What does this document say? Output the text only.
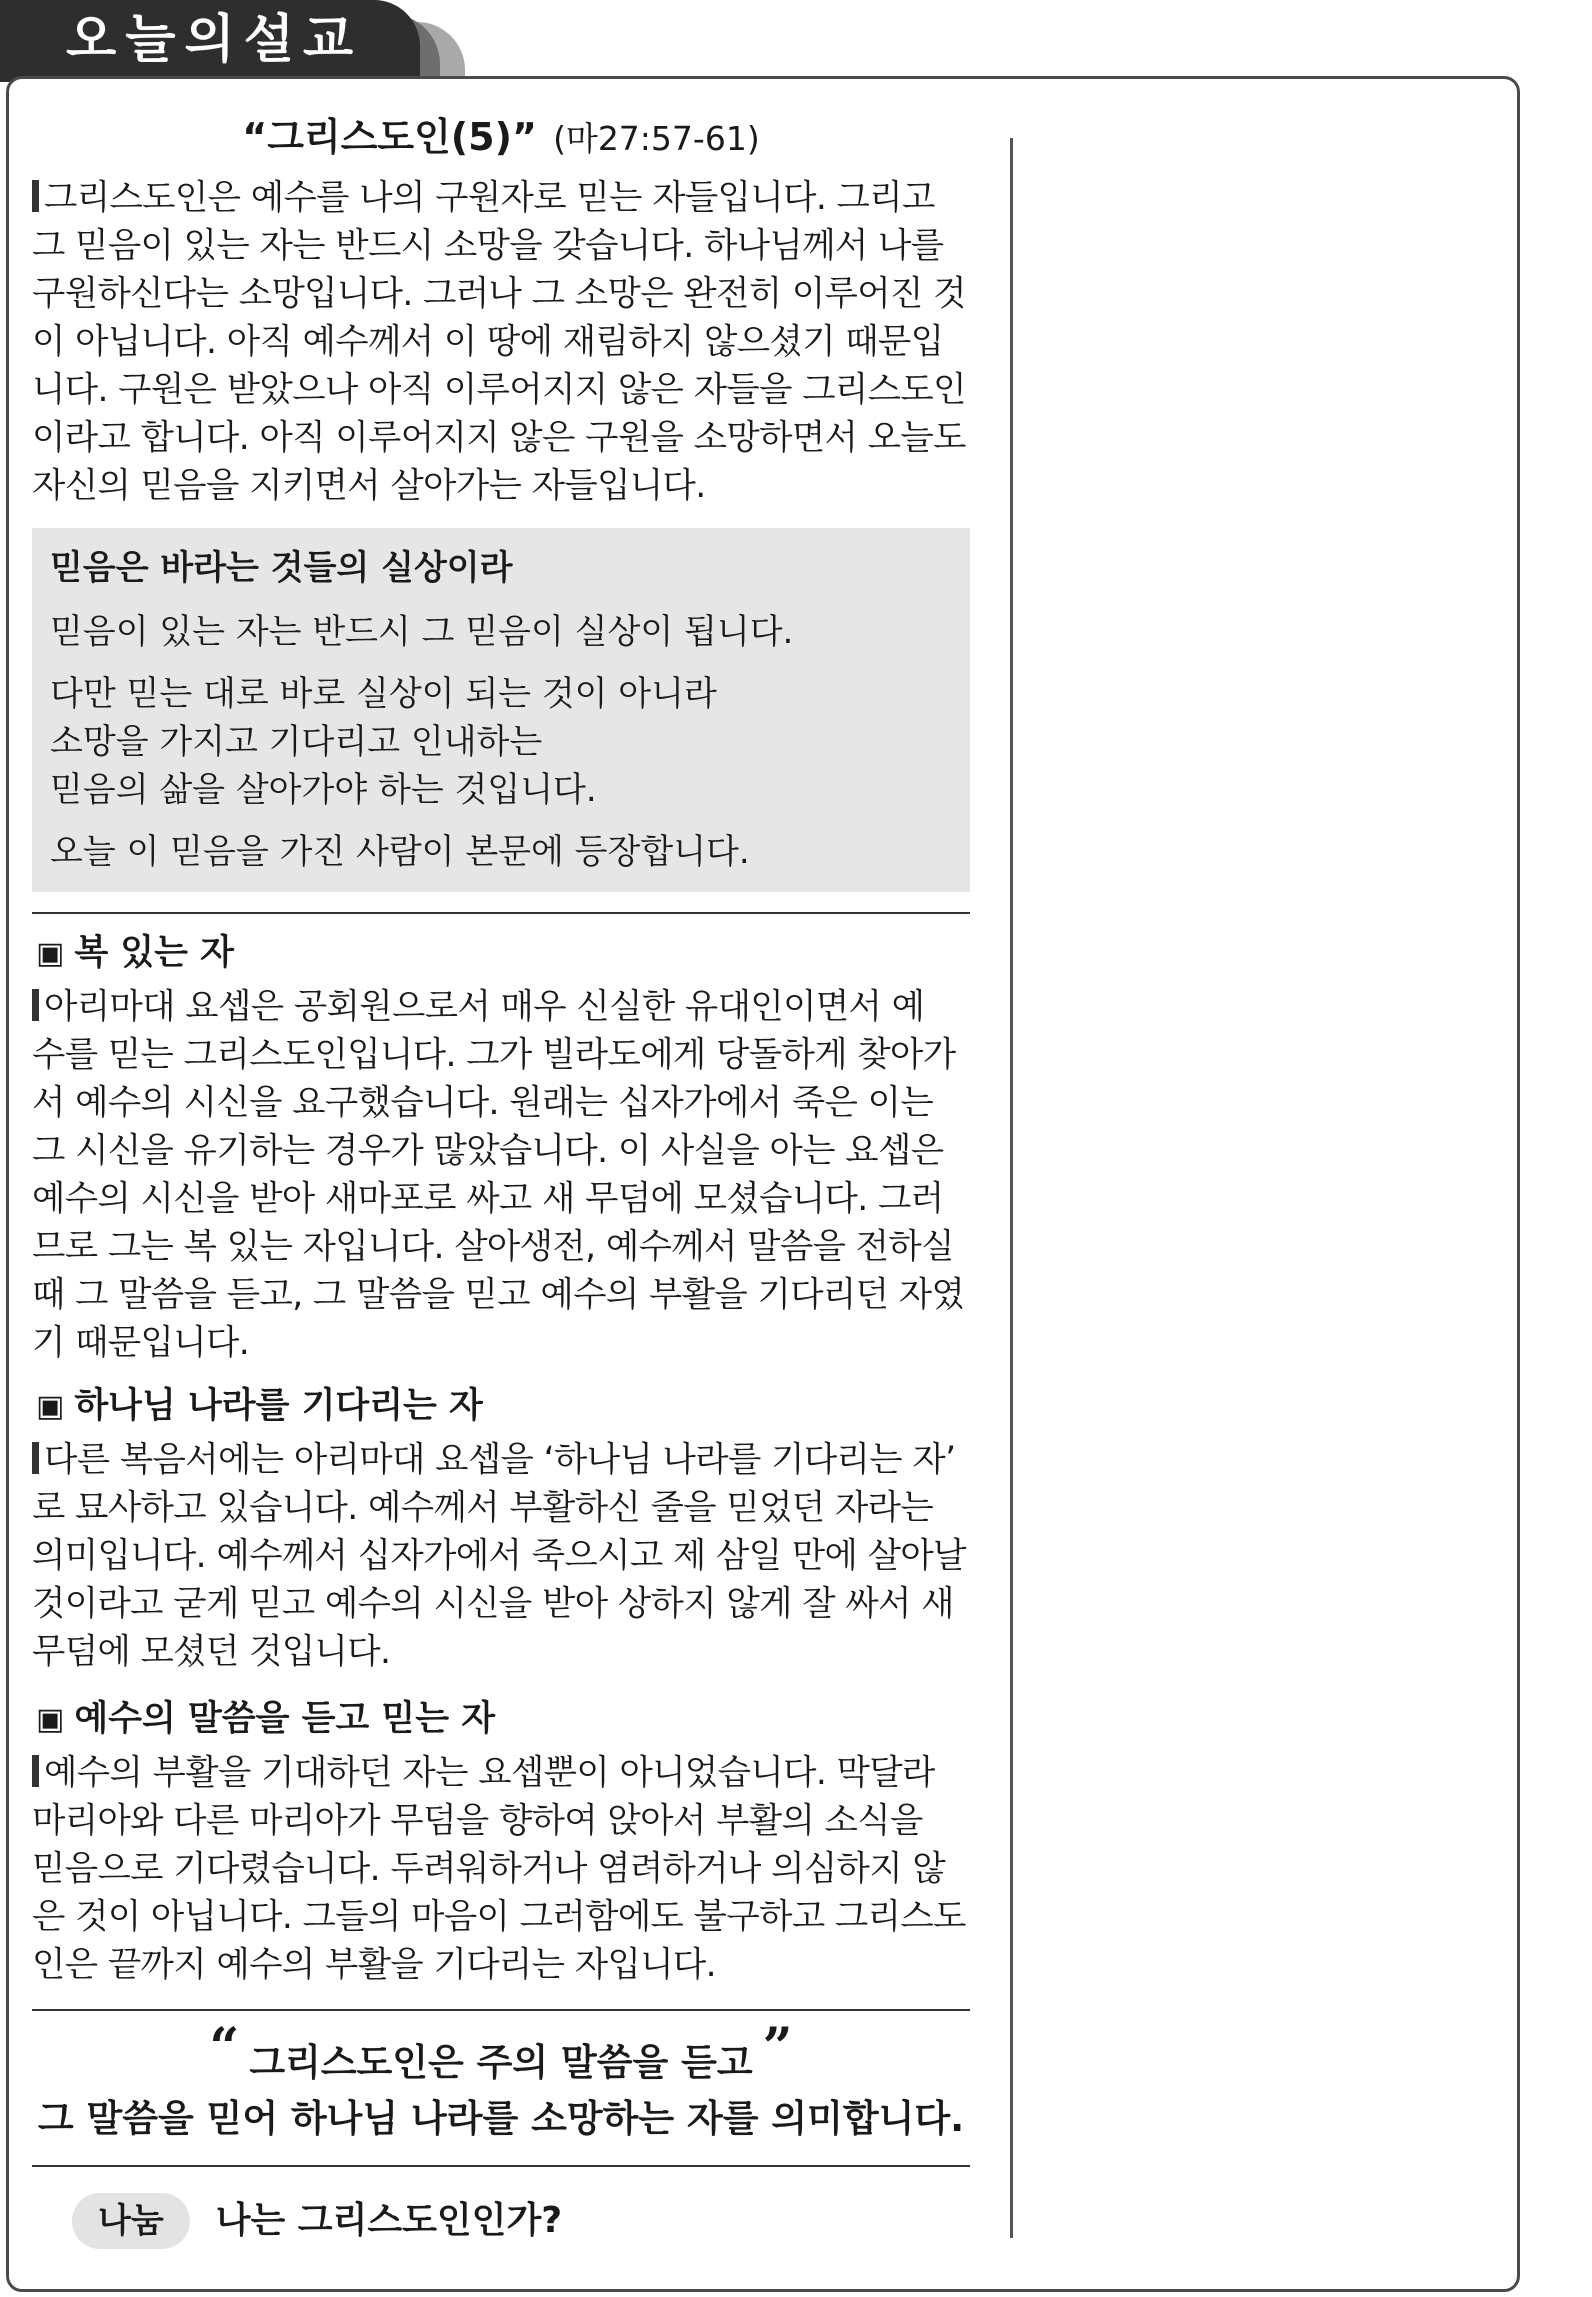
오늘의설교
“그리스도인(5)” (마27:57-61)

그리스도인은 예수를 나의 구원자로 믿는 자들입니다. 그리고
그 믿음이 있는 자는 반드시 소망을 갖습니다. 하나님께서 나를
구원하신다는 소망입니다. 그러나 그 소망은 완전히 이루어진 것
이 아닙니다. 아직 예수께서 이 땅에 재림하지 않으셨기 때문입
니다. 구원은 받았으나 아직 이루어지지 않은 자들을 그리스도인
이라고 합니다. 아직 이루어지지 않은 구원을 소망하면서 오늘도
자신의 믿음을 지키면서 살아가는 자들입니다.

믿음은 바라는 것들의 실상이라

믿음이 있는 자는 반드시 그 믿음이 실상이 됩니다.

다만 믿는 대로 바로 실상이 되는 것이 아니라
소망을 가지고 기다리고 인내하는
믿음의 삶을 살아가야 하는 것입니다.

오늘 이 믿음을 가진 사람이 본문에 등장합니다.

▣ 복 있는 자

아리마대 요셉은 공회원으로서 매우 신실한 유대인이면서 예
수를 믿는 그리스도인입니다. 그가 빌라도에게 당돌하게 찾아가
서 예수의 시신을 요구했습니다. 원래는 십자가에서 죽은 이는
그 시신을 유기하는 경우가 많았습니다. 이 사실을 아는 요셉은
예수의 시신을 받아 새마포로 싸고 새 무덤에 모셨습니다. 그러
므로 그는 복 있는 자입니다. 살아생전, 예수께서 말씀을 전하실
때 그 말씀을 듣고, 그 말씀을 믿고 예수의 부활을 기다리던 자였
기 때문입니다.

▣ 하나님 나라를 기다리는 자

다른 복음서에는 아리마대 요셉을 ‘하나님 나라를 기다리는 자’
로 묘사하고 있습니다. 예수께서 부활하신 줄을 믿었던 자라는
의미입니다. 예수께서 십자가에서 죽으시고 제 삼일 만에 살아날
것이라고 굳게 믿고 예수의 시신을 받아 상하지 않게 잘 싸서 새
무덤에 모셨던 것입니다.

▣ 예수의 말씀을 듣고 믿는 자

예수의 부활을 기대하던 자는 요셉뿐이 아니었습니다. 막달라
마리아와 다른 마리아가 무덤을 향하여 앉아서 부활의 소식을
믿음으로 기다렸습니다. 두려워하거나 염려하거나 의심하지 않
은 것이 아닙니다. 그들의 마음이 그러함에도 불구하고 그리스도
인은 끝까지 예수의 부활을 기다리는 자입니다.

“ 그리스도인은 주의 말씀을 듣고 ”
그 말씀을 믿어 하나님 나라를 소망하는 자를 의미합니다.
나눔	나는 그리스도인인가?
